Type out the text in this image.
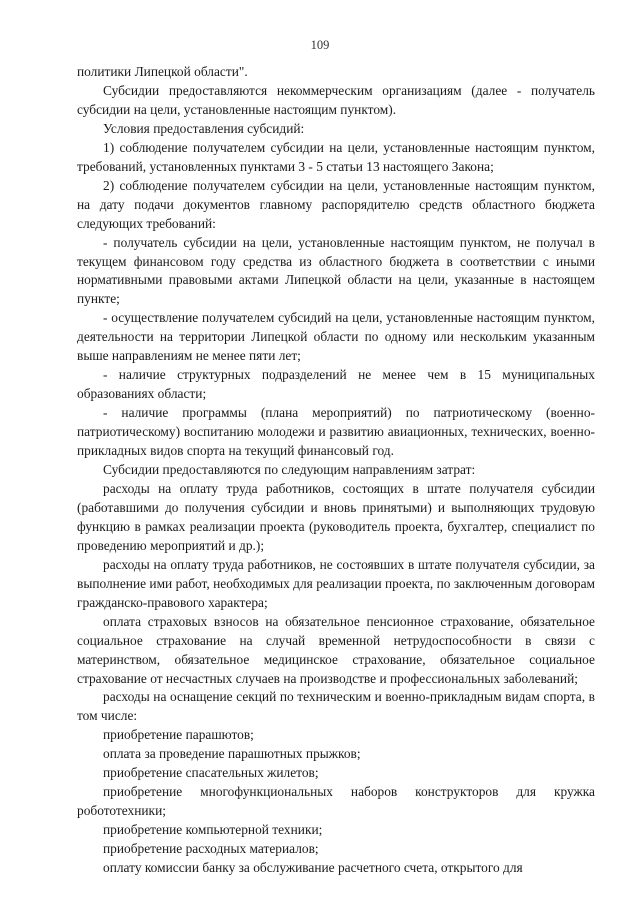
109

политики Липецкой области".

Субсидии предоставляются некоммерческим организациям (далее - получатель субсидии на цели, установленные настоящим пунктом).

Условия предоставления субсидий:

1) соблюдение получателем субсидии на цели, установленные настоящим пунктом, требований, установленных пунктами 3 - 5 статьи 13 настоящего Закона;

2) соблюдение получателем субсидии на цели, установленные настоящим пунктом, на дату подачи документов главному распорядителю средств областного бюджета следующих требований:

- получатель субсидии на цели, установленные настоящим пунктом, не получал в текущем финансовом году средства из областного бюджета в соответствии с иными нормативными правовыми актами Липецкой области на цели, указанные в настоящем пункте;

- осуществление получателем субсидий на цели, установленные настоящим пунктом, деятельности на территории Липецкой области по одному или нескольким указанным выше направлениям не менее пяти лет;

- наличие структурных подразделений не менее чем в 15 муниципальных образованиях области;

- наличие программы (плана мероприятий) по патриотическому (военно-патриотическому) воспитанию молодежи и развитию авиационных, технических, военно-прикладных видов спорта на текущий финансовый год.

Субсидии предоставляются по следующим направлениям затрат:

расходы на оплату труда работников, состоящих в штате получателя субсидии (работавшими до получения субсидии и вновь принятыми) и выполняющих трудовую функцию в рамках реализации проекта (руководитель проекта, бухгалтер, специалист по проведению мероприятий и др.);

расходы на оплату труда работников, не состоявших в штате получателя субсидии, за выполнение ими работ, необходимых для реализации проекта, по заключенным договорам гражданско-правового характера;

оплата страховых взносов на обязательное пенсионное страхование, обязательное социальное страхование на случай временной нетрудоспособности в связи с материнством, обязательное медицинское страхование, обязательное социальное страхование от несчастных случаев на производстве и профессиональных заболеваний;

расходы на оснащение секций по техническим и военно-прикладным видам спорта, в том числе:

приобретение парашютов;

оплата за проведение парашютных прыжков;

приобретение спасательных жилетов;

приобретение многофункциональных наборов конструкторов для кружка робототехники;

приобретение компьютерной техники;

приобретение расходных материалов;

оплату комиссии банку за обслуживание расчетного счета, открытого для
